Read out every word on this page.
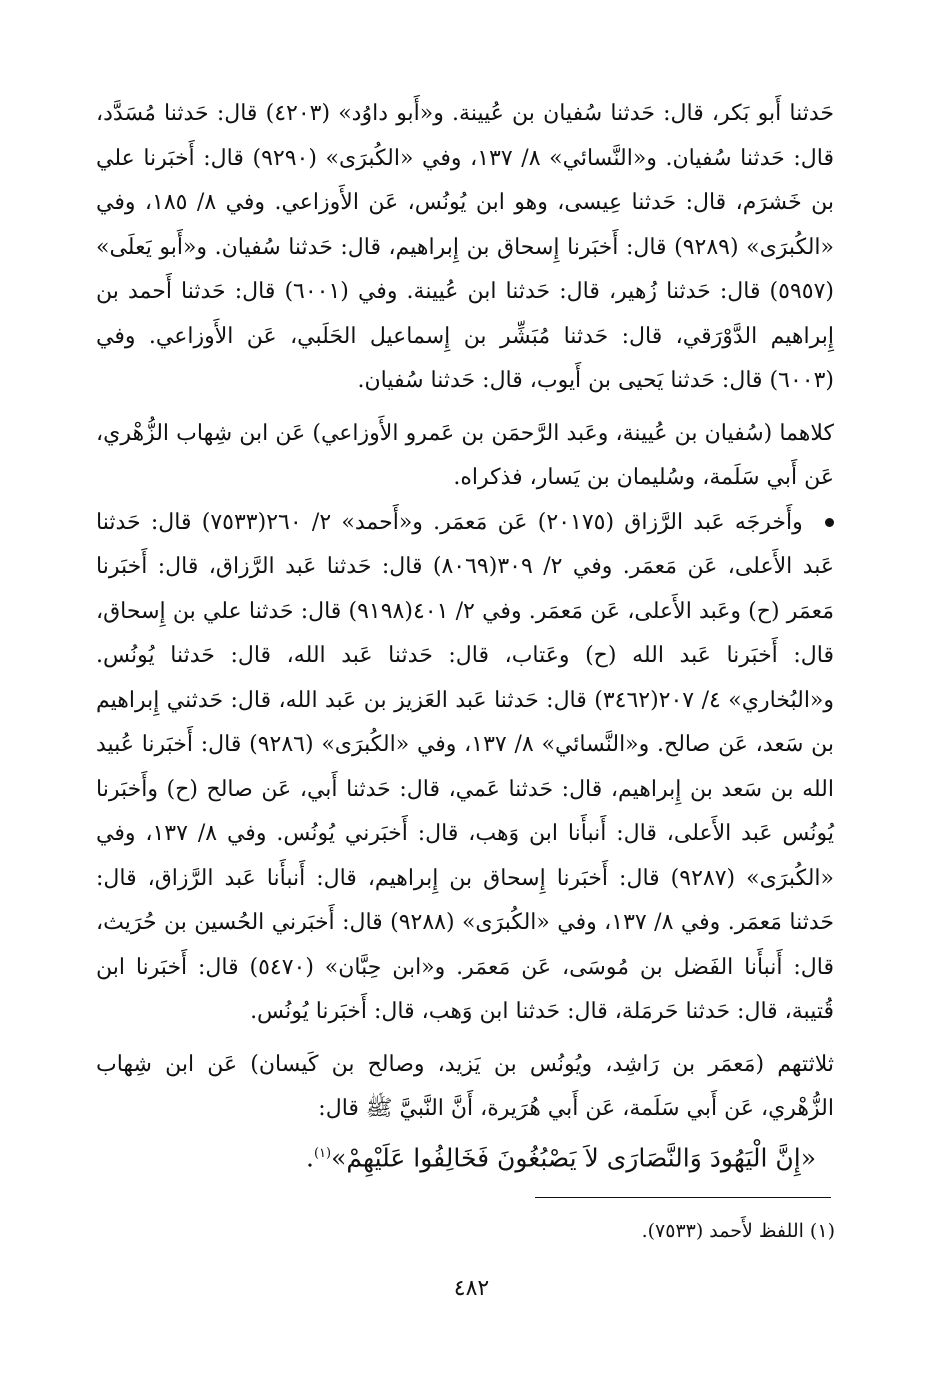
حَدثنا أَبو بَكر، قال: حَدثنا سُفيان بن عُيينة. و«أَبو داوُد» (٤٢٠٣) قال: حَدثنا مُسَدَّد، قال: حَدثنا سُفيان. و«النَّسائي» ٨/ ١٣٧، وفي «الكُبرَى» (٩٢٩٠) قال: أَخبَرنا علي بن خَشرَم، قال: حَدثنا عِيسى، وهو ابن يُونُس، عَن الأَوزاعي. وفي ٨/ ١٨٥، وفي «الكُبرَى» (٩٢٨٩) قال: أَخبَرنا إِسحاق بن إِبراهيم، قال: حَدثنا سُفيان. و«أَبو يَعلَى» (٥٩٥٧) قال: حَدثنا زُهير، قال: حَدثنا ابن عُيينة. وفي (٦٠٠١) قال: حَدثنا أَحمد بن إِبراهيم الدَّوْرَقي، قال: حَدثنا مُبَشِّر بن إِسماعيل الحَلَبي، عَن الأَوزاعي. وفي (٦٠٠٣) قال: حَدثنا يَحيى بن أَيوب، قال: حَدثنا سُفيان.

كلاهما (سُفيان بن عُيينة، وعَبد الرَّحمَن بن عَمرو الأَوزاعي) عَن ابن شِهاب الزُّهْري، عَن أَبي سَلَمة، وسُليمان بن يَسار، فذكراه.

وأَخرجَه عَبد الرَّزاق (٢٠١٧٥) عَن مَعمَر. و«أَحمد» ٢/ ٢٦٠(٧٥٣٣) قال: حَدثنا عَبد الأَعلى، عَن مَعمَر. وفي ٢/ ٣٠٩(٨٠٦٩) قال: حَدثنا عَبد الرَّزاق، قال: أَخبَرنا مَعمَر (ح) وعَبد الأَعلى، عَن مَعمَر. وفي ٢/ ٤٠١(٩١٩٨) قال: حَدثنا علي بن إِسحاق، قال: أَخبَرنا عَبد الله (ح) وعَتاب، قال: حَدثنا عَبد الله، قال: حَدثنا يُونُس. و«البُخاري» ٤/ ٢٠٧(٣٤٦٢) قال: حَدثنا عَبد العَزيز بن عَبد الله، قال: حَدثني إِبراهيم بن سَعد، عَن صالح. و«النَّسائي» ٨/ ١٣٧، وفي «الكُبرَى» (٩٢٨٦) قال: أَخبَرنا عُبيد الله بن سَعد بن إِبراهيم، قال: حَدثنا عَمي، قال: حَدثنا أَبي، عَن صالح (ح) وأَخبَرنا يُونُس عَبد الأَعلى، قال: أَنبأَنا ابن وَهب، قال: أَخبَرني يُونُس. وفي ٨/ ١٣٧، وفي «الكُبرَى» (٩٢٨٧) قال: أَخبَرنا إِسحاق بن إِبراهيم، قال: أَنبأَنا عَبد الرَّزاق، قال: حَدثنا مَعمَر. وفي ٨/ ١٣٧، وفي «الكُبرَى» (٩٢٨٨) قال: أَخبَرني الحُسين بن حُرَيث، قال: أَنبأَنا الفَضل بن مُوسَى، عَن مَعمَر. و«ابن حِبَّان» (٥٤٧٠) قال: أَخبَرنا ابن قُتيبة، قال: حَدثنا حَرمَلة، قال: حَدثنا ابن وَهب، قال: أَخبَرنا يُونُس.

ثلاثتهم (مَعمَر بن رَاشِد، ويُونُس بن يَزيد، وصالح بن كَيسان) عَن ابن شِهاب الزُّهْري، عَن أَبي سَلَمة، عَن أَبي هُرَيرة، أَنَّ النَّبيَّ ﷺ قال:

«إِنَّ الْيَهُودَ وَالنَّصَارَى لاَ يَصْبُغُونَ فَخَالِفُوا عَلَيْهِمْ»$^{(١)}$.

(١) اللفظ لأَحمد (٧٥٣٣).
٤٨٢
